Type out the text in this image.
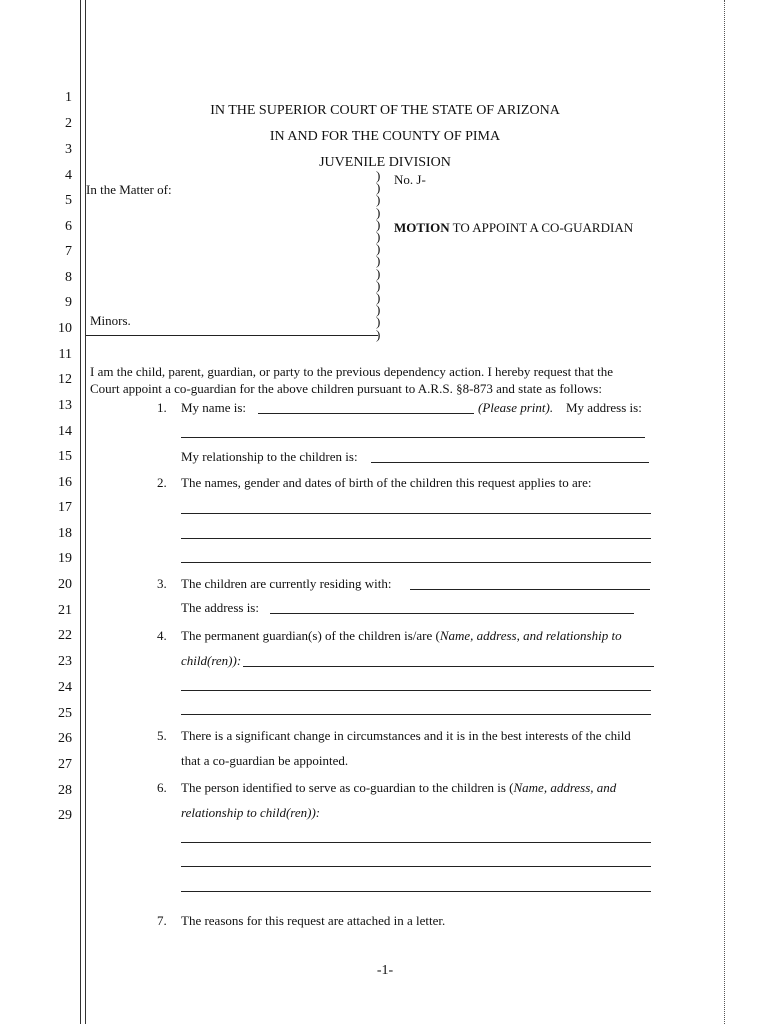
1
2
3
4
5
6
7
8
9
10
11
12
13
14
15
16
17
18
19
20
21
22
23
24
25
26
27
28
29
IN THE SUPERIOR COURT OF THE STATE OF ARIZONA
IN AND FOR THE COUNTY OF PIMA
JUVENILE DIVISION
In the Matter of:
Minors.
)
)
)
)
)
)
)
)
)
)
)
)
)
)
No. J-
MOTION TO APPOINT A CO-GUARDIAN
I am the child, parent, guardian, or party to the previous dependency action. I hereby request that the
Court appoint a co-guardian for the above children pursuant to A.R.S. §8-873 and state as follows:
1. My name is:	(Please print). My address is:
My relationship to the children is:
2. The names, gender and dates of birth of the children this request applies to are:
3. The children are currently residing with:
The address is:
4. The permanent guardian(s) of the children is/are (Name, address, and relationship to
child(ren)):
5. There is a significant change in circumstances and it is in the best interests of the child
that a co-guardian be appointed.
6. The person identified to serve as co-guardian to the children is (Name, address, and
relationship to child(ren)):
7. The reasons for this request are attached in a letter.
-1-
